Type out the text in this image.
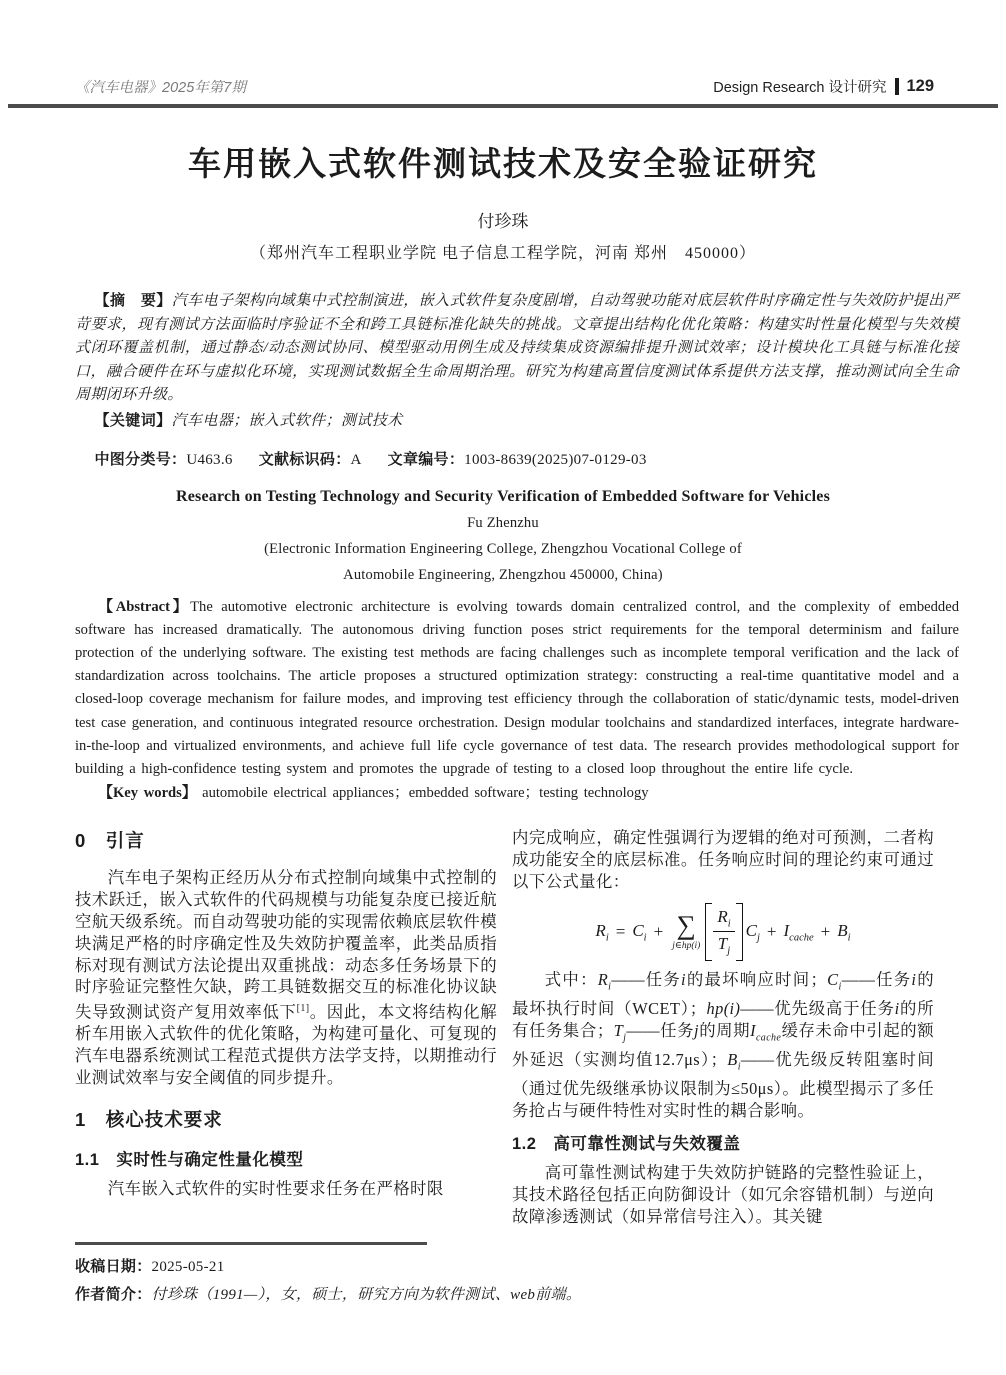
《汽车电器》2025年第7期	Design Research 设计研究	129
车用嵌入式软件测试技术及安全验证研究
付珍珠
（郑州汽车工程职业学院 电子信息工程学院，河南 郑州　450000）

【摘　要】汽车电子架构向域集中式控制演进，嵌入式软件复杂度剧增，自动驾驶功能对底层软件时序确定性与失效防护提出严苛要求，现有测试方法面临时序验证不全和跨工具链标准化缺失的挑战。文章提出结构化优化策略：构建实时性量化模型与失效模式闭环覆盖机制，通过静态/动态测试协同、模型驱动用例生成及持续集成资源编排提升测试效率；设计模块化工具链与标准化接口，融合硬件在环与虚拟化环境，实现测试数据全生命周期治理。研究为构建高置信度测试体系提供方法支撑，推动测试向全生命周期闭环升级。

【关键词】汽车电器；嵌入式软件；测试技术

中图分类号：U463.6 文献标识码：A 文章编号：1003-8639(2025)07-0129-03

Research on Testing Technology and Security Verification of Embedded Software for Vehicles
Fu Zhenzhu
(Electronic Information Engineering College, Zhengzhou Vocational College of
Automobile Engineering, Zhengzhou 450000, China)

【Abstract】The automotive electronic architecture is evolving towards domain centralized control, and the complexity of embedded software has increased dramatically. The autonomous driving function poses strict requirements for the temporal determinism and failure protection of the underlying software. The existing test methods are facing challenges such as incomplete temporal verification and the lack of standardization across toolchains. The article proposes a structured optimization strategy: constructing a real-time quantitative model and a closed-loop coverage mechanism for failure modes, and improving test efficiency through the collaboration of static/dynamic tests, model-driven test case generation, and continuous integrated resource orchestration. Design modular toolchains and standardized interfaces, integrate hardware-in-the-loop and virtualized environments, and achieve full life cycle governance of test data. The research provides methodological support for building a high-confidence testing system and promotes the upgrade of testing to a closed loop throughout the entire life cycle.

【Key words】 automobile electrical appliances；embedded software；testing technology

0　引言

汽车电子架构正经历从分布式控制向域集中式控制的技术跃迁，嵌入式软件的代码规模与功能复杂度已接近航空航天级系统。而自动驾驶功能的实现需依赖底层软件模块满足严格的时序确定性及失效防护覆盖率，此类品质指标对现有测试方法论提出双重挑战：动态多任务场景下的时序验证完整性欠缺，跨工具链数据交互的标准化协议缺失导致测试资产复用效率低下[1]。因此，本文将结构化解析车用嵌入式软件的优化策略，为构建可量化、可复现的汽车电器系统测试工程范式提供方法学支持，以期推动行业测试效率与安全阈值的同步提升。

1　核心技术要求
1.1　实时性与确定性量化模型

汽车嵌入式软件的实时性要求任务在严格时限

内完成响应，确定性强调行为逻辑的绝对可预测，二者构成功能安全的底层标准。任务响应时间的理论约束可通过以下公式量化：

$R_i = C_i$ + ∑
j∈hp(i)
$R_i$
$T_j$
$C_j + I_{cache} + B_i$

式中：$R_i——$任务i的最坏响应时间；$C_i——$任务i的最坏执行时间（WCET）；hp(i)——优先级高于任务i的所有任务集合；$T_j——$任务j的周期$I_{cache}$缓存未命中引起的额外延迟（实测均值12.7μs）；$B_i——$优先级反转阻塞时间（通过优先级继承协议限制为≤50μs）。此模型揭示了多任务抢占与硬件特性对实时性的耦合影响。

1.2　高可靠性测试与失效覆盖

高可靠性测试构建于失效防护链路的完整性验证上，其技术路径包括正向防御设计（如冗余容错机制）与逆向故障渗透测试（如异常信号注入）。其关键

收稿日期：2025-05-21

作者简介：付珍珠（1991—），女，硕士，研究方向为软件测试、web前端。
